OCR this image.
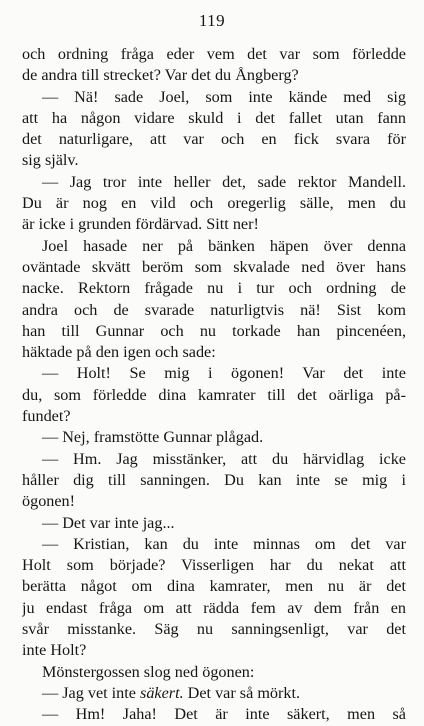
119
och ordning fråga eder vem det var som förledde
de andra till strecket? Var det du Ångberg?
— Nä! sade Joel, som inte kände med sig
att ha någon vidare skuld i det fallet utan fann
det naturligare, att var och en fick svara för
sig själv.
— Jag tror inte heller det, sade rektor Mandell.
Du är nog en vild och oregerlig sälle, men du
är icke i grunden fördärvad. Sitt ner!
Joel hasade ner på bänken häpen över denna
oväntade skvätt beröm som skvalade ned över hans
nacke. Rektorn frågade nu i tur och ordning de
andra och de svarade naturligtvis nä! Sist kom
han till Gunnar och nu torkade han pincenéen,
häktade på den igen och sade:
— Holt! Se mig i ögonen! Var det inte
du, som förledde dina kamrater till det oärliga på-
fundet?
— Nej, framstötte Gunnar plågad.
— Hm. Jag misstänker, att du härvidlag icke
håller dig till sanningen. Du kan inte se mig i
ögonen!
— Det var inte jag...
— Kristian, kan du inte minnas om det var
Holt som började? Visserligen har du nekat att
berätta något om dina kamrater, men nu är det
ju endast fråga om att rädda fem av dem från en
svår misstanke. Säg nu sanningsenligt, var det
inte Holt?
Mönstergossen slog ned ögonen:
— Jag vet inte säkert. Det var så mörkt.
— Hm! Jaha! Det är inte säkert, men så
